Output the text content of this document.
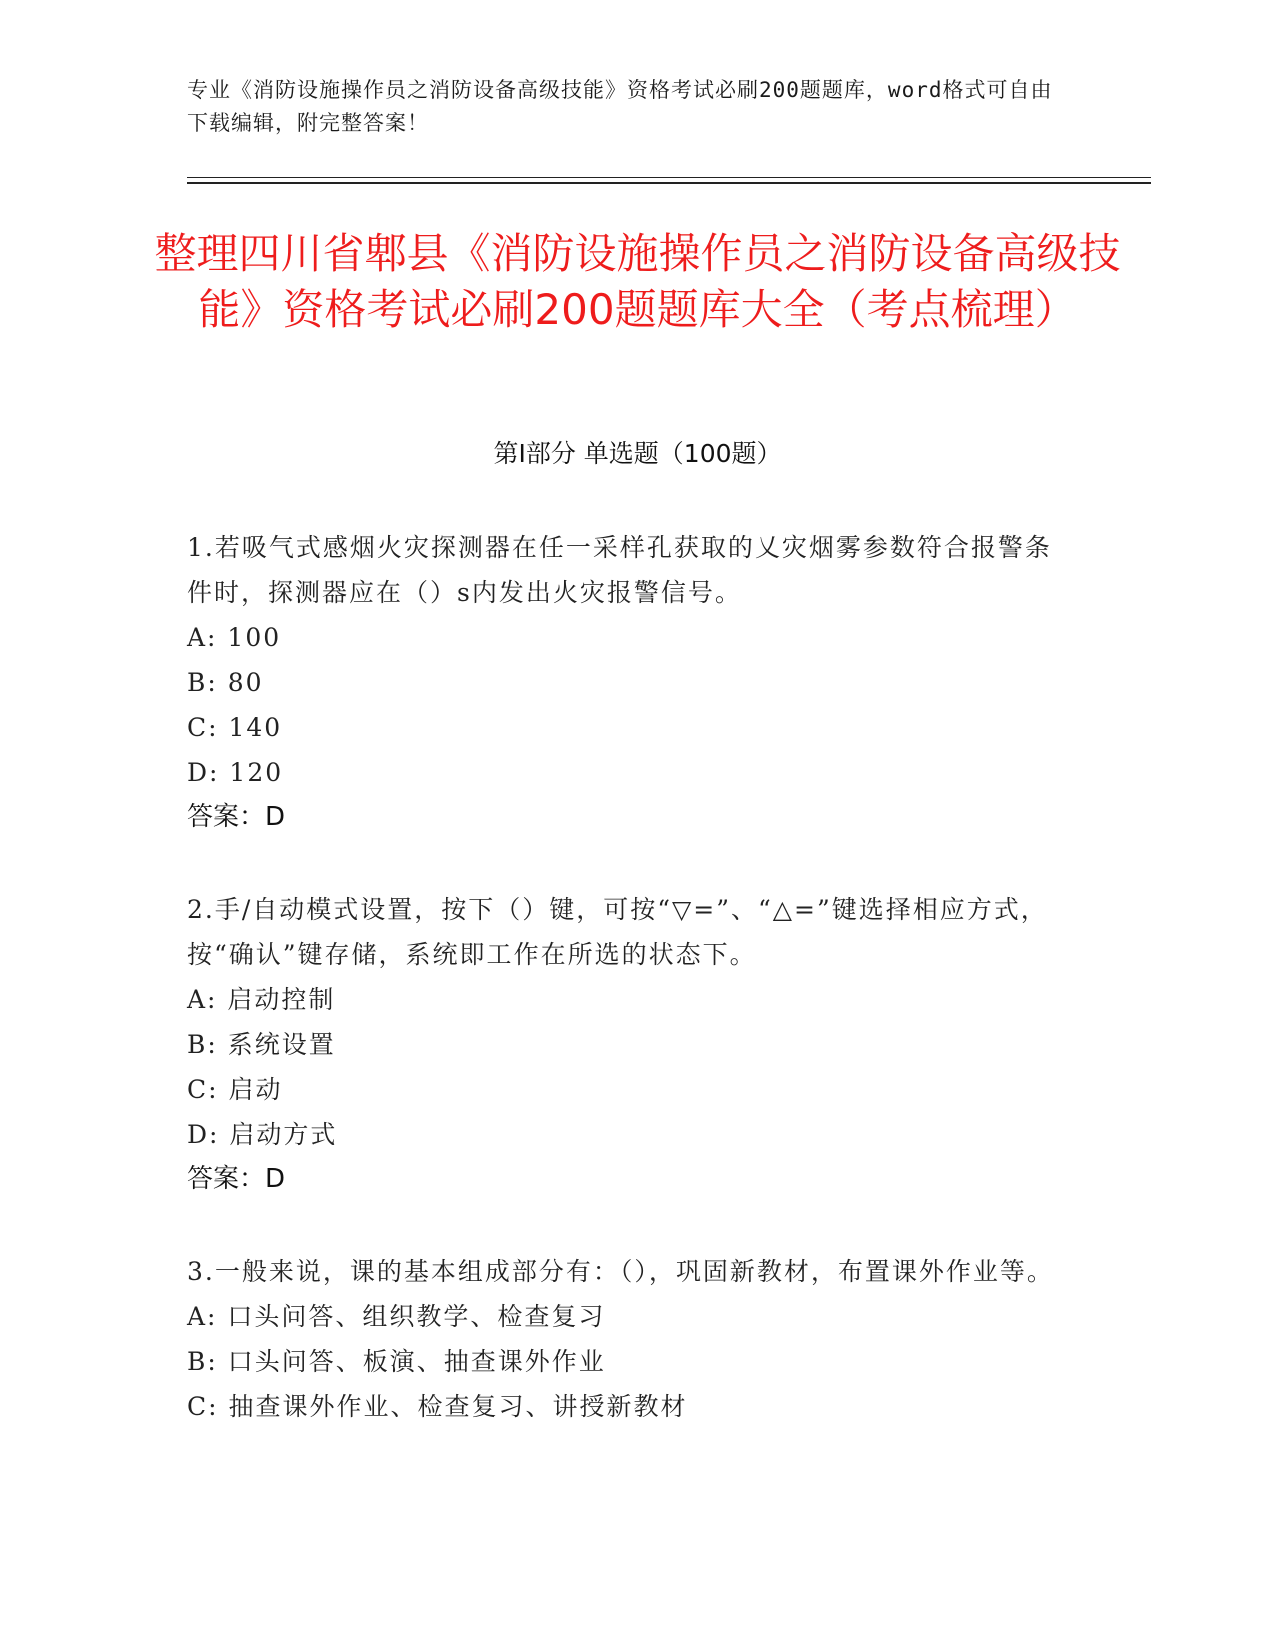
专业《消防设施操作员之消防设备高级技能》资格考试必刷200题题库，word格式可自由下载编辑，附完整答案！
整理四川省郫县《消防设施操作员之消防设备高级技能》资格考试必刷200题题库大全（考点梳理）
第Ⅰ部分 单选题（100题）

1.若吸气式感烟火灾探测器在任一采样孔获取的乂灾烟雾参数符合报警条件时，探测器应在（）s内发出火灾报警信号。

A: 100

B: 80

C: 140

D: 120

答案：D

2.手/自动模式设置，按下（）键，可按“▽=”、“△=”键选择相应方式，按“确认”键存储，系统即工作在所选的状态下。

A: 启动控制

B: 系统设置

C: 启动

D: 启动方式

答案：D

3.一般来说，课的基本组成部分有：（），巩固新教材，布置课外作业等。

A: 口头问答、组织教学、检查复习

B: 口头问答、板演、抽查课外作业

C: 抽查课外作业、检查复习、讲授新教材
